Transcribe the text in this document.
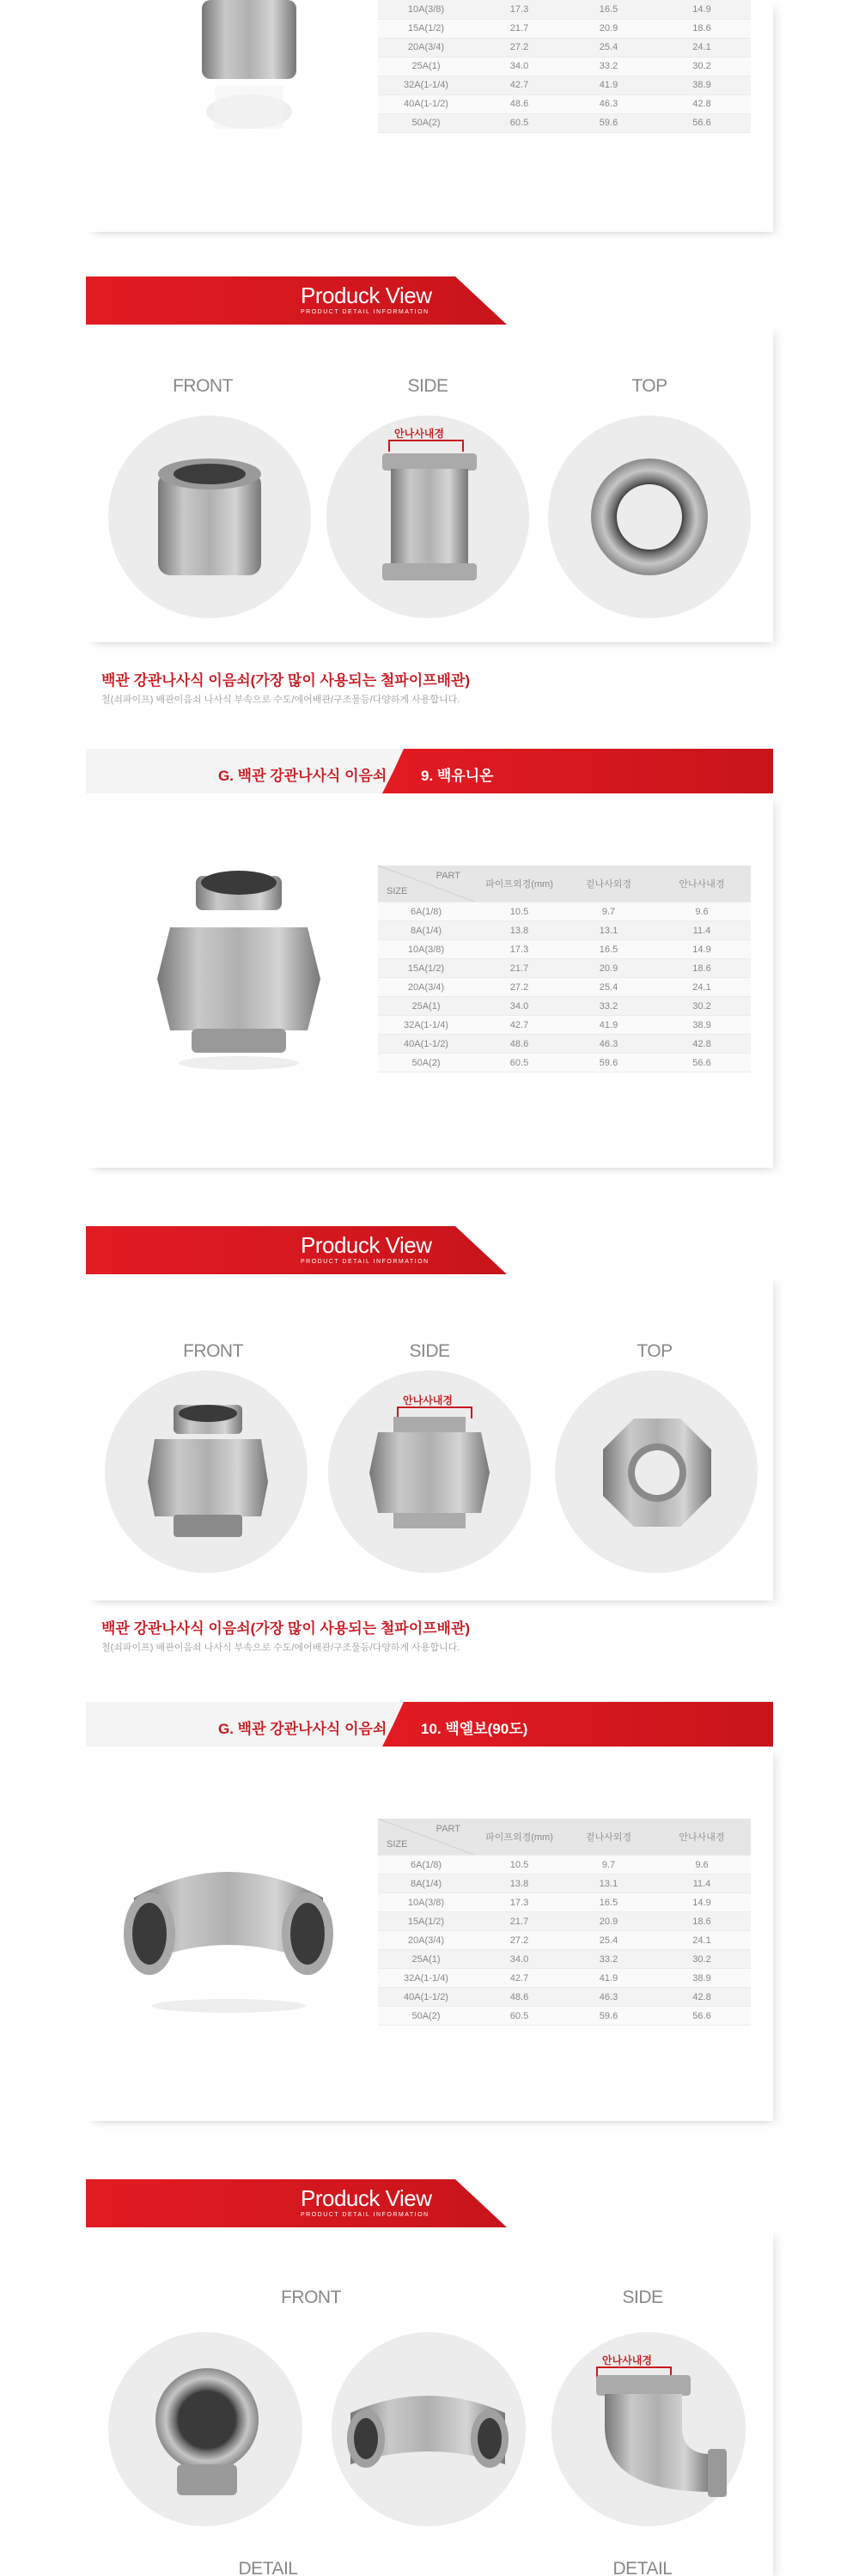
10A(3/8)	17.3	16.5	14.9
15A(1/2)	21.7	20.9	18.6
20A(3/4)	27.2	25.4	24.1
25A(1)	34.0	33.2	30.2
32A(1-1/4)	42.7	41.9	38.9
40A(1-1/2)	48.6	46.3	42.8
50A(2)	60.5	59.6	56.6
Produck View
PRODUCT DETAIL INFORMATION
FRONT	SIDE	TOP
안나사내경
백관 강관나사식 이음쇠(가장 많이 사용되는 철파이프배관)
철(쇠파이프) 배관이음쇠 나사식 부속으로 수도/에어배관/구조물등/다양하게 사용합니다.
G. 백관 강관나사식 이음쇠 9. 백유니온
PART
SIZE	파이프외경(mm)	겉나사외경	안나사내경
6A(1/8)	10.5	9.7	9.6
8A(1/4)	13.8	13.1	11.4
10A(3/8)	17.3	16.5	14.9
15A(1/2)	21.7	20.9	18.6
20A(3/4)	27.2	25.4	24.1
25A(1)	34.0	33.2	30.2
32A(1-1/4)	42.7	41.9	38.9
40A(1-1/2)	48.6	46.3	42.8
50A(2)	60.5	59.6	56.6
Produck View
PRODUCT DETAIL INFORMATION
FRONT	SIDE	TOP
안나사내경
백관 강관나사식 이음쇠(가장 많이 사용되는 철파이프배관)
철(쇠파이프) 배관이음쇠 나사식 부속으로 수도/에어배관/구조물등/다양하게 사용합니다.
G. 백관 강관나사식 이음쇠 10. 백엘보(90도)
PART
SIZE	파이프외경(mm)	겉나사외경	안나사내경
6A(1/8)	10.5	9.7	9.6
8A(1/4)	13.8	13.1	11.4
10A(3/8)	17.3	16.5	14.9
15A(1/2)	21.7	20.9	18.6
20A(3/4)	27.2	25.4	24.1
25A(1)	34.0	33.2	30.2
32A(1-1/4)	42.7	41.9	38.9
40A(1-1/2)	48.6	46.3	42.8
50A(2)	60.5	59.6	56.6
Produck View
PRODUCT DETAIL INFORMATION
FRONT	SIDE
안나사내경
DETAIL	DETAIL
